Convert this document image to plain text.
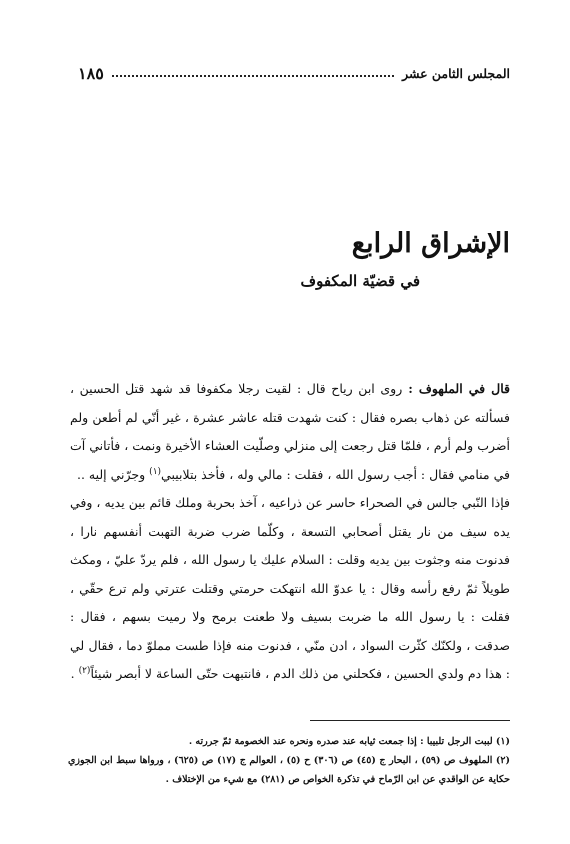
المجلس الثامن عشر
١٨٥
الإشراق الرابع
في قضيّة المكفوف

قال في الملهوف : روى ابن رياح قال : لقيت رجلا مكفوفا قد شهد قتل الحسين ، فسألته عن ذهاب بصره فقال : كنت شهدت قتله عاشر عشرة ، غير أنّي لم أطعن ولم أضرب ولم أرم ، فلمّا قتل رجعت إلى منزلي وصلّيت العشاء الأخيرة ونمت ، فأتاني آت في منامي فقال : أجب رسول الله ، فقلت : مالي وله ، فأخذ بتلابيبي$^{(١)}$ وجرّني إليه ..

فإذا النّبي جالس في الصحراء حاسر عن ذراعيه ، آخذ بحربة وملك قائم بين يديه ، وفي يده سيف من نار يقتل أصحابي التسعة ، وكلّما ضرب ضربة التهبت أنفسهم نارا ، فدنوت منه وجثوت بين يديه وقلت : السلام عليك يا رسول الله ، فلم يردّ عليّ ، ومكث طويلاً ثمّ رفع رأسه وقال : يا عدوّ الله انتهكت حرمتي وقتلت عترتي ولم ترع حقّي ، فقلت : يا رسول الله ما ضربت بسيف ولا طعنت برمح ولا رميت بسهم ، فقال : صدقت ، ولكنّك كثّرت السواد ، ادن منّي ، فدنوت منه فإذا طست مملوّ دما ، فقال لي : هذا دم ولدي الحسين ، فكحلني من ذلك الدم ، فانتبهت حتّى الساعة لا أبصر شيئاً$^{(٢)}$ .

(١) لببت الرجل تلبيبا : إذا جمعت ثيابه عند صدره ونحره عند الخصومة ثمّ جررته .

(٢) الملهوف ص (٥٩) ، البحار ج (٤٥) ص (٣٠٦) ح (٥) ، العوالم ج (١٧) ص (٦٢٥) ، ورواها سبط ابن الجوزي حكاية عن الواقدي عن ابن الرّماح في تذكرة الخواص ص (٢٨١) مع شيء من الإختلاف .
